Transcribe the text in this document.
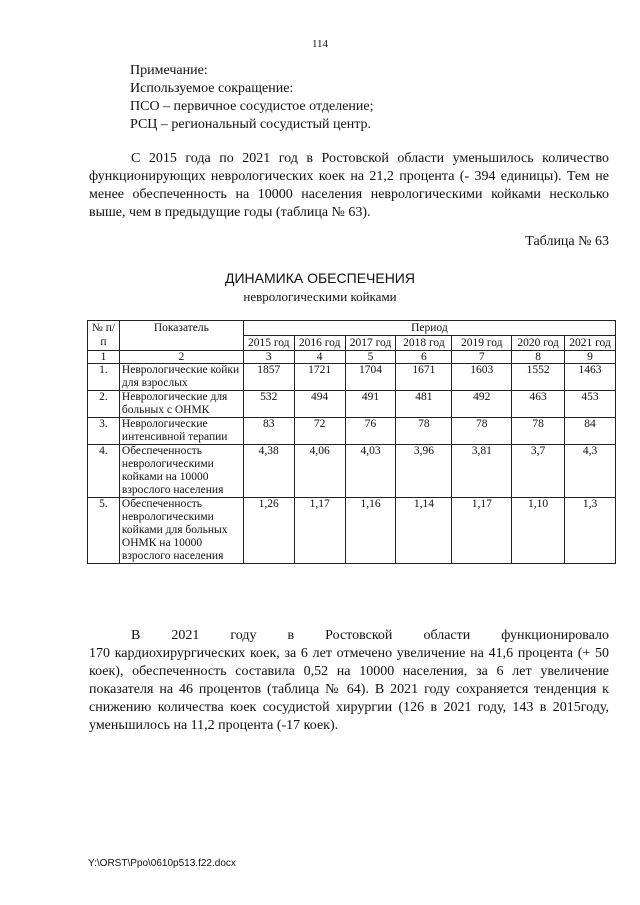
114
Примечание:
Используемое сокращение:
ПСО – первичное сосудистое отделение;
РСЦ – региональный сосудистый центр.
С 2015 года по 2021 год в Ростовской области уменьшилось количество функционирующих неврологических коек на 21,2 процента (- 394 единицы). Тем не менее обеспеченность на 10000 населения неврологическими койками несколько выше, чем в предыдущие годы (таблица № 63).
Таблица № 63
ДИНАМИКА ОБЕСПЕЧЕНИЯ
неврологическими койками
№ п/п	Показатель	Период						
		2015 год	2016 год	2017 год	2018 год	2019 год	2020 год	2021 год
1	2	3	4	5	6	7	8	9
1.	Неврологические койки для взрослых	1857	1721	1704	1671	1603	1552	1463
2.	Неврологические для больных с ОНМК	532	494	491	481	492	463	453
3.	Неврологические интенсивной терапии	83	72	76	78	78	78	84
4.	Обеспеченность неврологическими койками на 10000 взрослого населения	4,38	4,06	4,03	3,96	3,81	3,7	4,3
5.	Обеспеченность неврологическими койками для больных ОНМК на 10000 взрослого населения	1,26	1,17	1,16	1,14	1,17	1,10	1,3
В 2021 году в Ростовской области функционировало
170 кардиохирургических коек, за 6 лет отмечено увеличение на 41,6 процента (+ 50 коек), обеспеченность составила 0,52 на 10000 населения, за 6 лет увеличение показателя на 46 процентов (таблица № 64). В 2021 году сохраняется тенденция к снижению количества коек сосудистой хирургии (126 в 2021 году, 143 в 2015году, уменьшилось на 11,2 процента (-17 коек).
Y:\ORST\Ppo\0610p513.f22.docx
